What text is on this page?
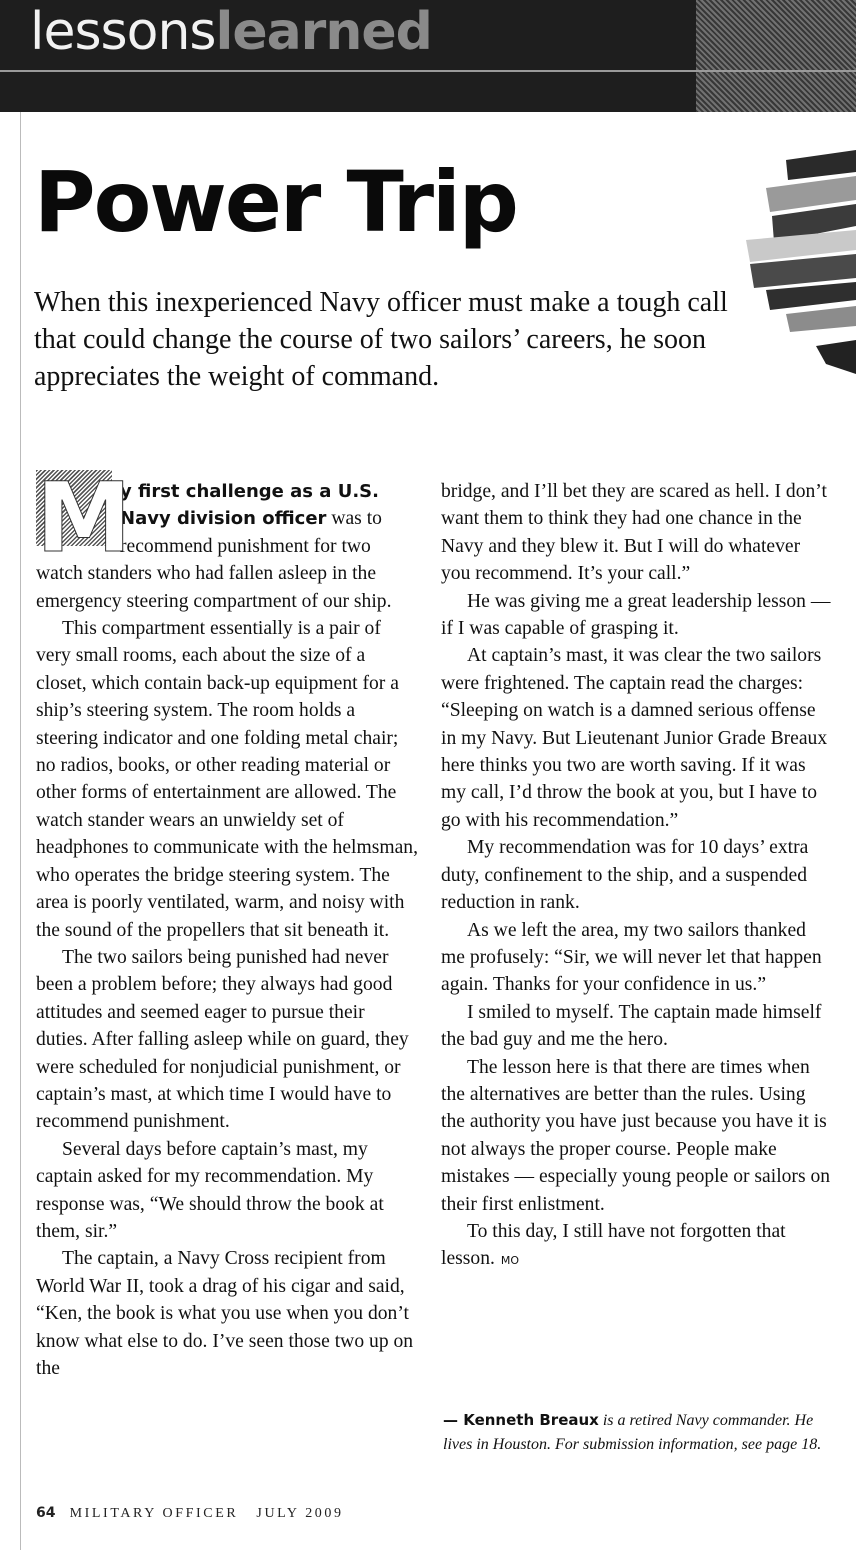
lessonslearned
Power Trip

When this inexperienced Navy officer must make a tough call that could change the course of two sailors’ careers, he soon appreciates the weight of command.

M
y first challenge as a U.S. Navy division officer was to recommend punishment for two watch standers who had fallen asleep in the emergency steering compartment of our ship.

This compartment essentially is a pair of very small rooms, each about the size of a closet, which contain back-up equipment for a ship’s steering system. The room holds a steering indicator and one folding metal chair; no radios, books, or other reading material or other forms of entertainment are allowed. The watch stander wears an unwieldy set of headphones to communicate with the helmsman, who operates the bridge steering system. The area is poorly ventilated, warm, and noisy with the sound of the propellers that sit beneath it.

The two sailors being punished had never been a problem before; they always had good attitudes and seemed eager to pursue their duties. After falling asleep while on guard, they were scheduled for nonjudicial punishment, or captain’s mast, at which time I would have to recommend punishment.

Several days before captain’s mast, my captain asked for my recommendation. My response was, “We should throw the book at them, sir.”

The captain, a Navy Cross recipient from World War II, took a drag of his cigar and said, “Ken, the book is what you use when you don’t know what else to do. I’ve seen those two up on the

bridge, and I’ll bet they are scared as hell. I don’t want them to think they had one chance in the Navy and they blew it. But I will do whatever you recommend. It’s your call.”

He was giving me a great leadership lesson — if I was capable of grasping it.

At captain’s mast, it was clear the two sailors were frightened. The captain read the charges: “Sleeping on watch is a damned serious offense in my Navy. But Lieutenant Junior Grade Breaux here thinks you two are worth saving. If it was my call, I’d throw the book at you, but I have to go with his recommendation.”

My recommendation was for 10 days’ extra duty, confinement to the ship, and a suspended reduction in rank.

As we left the area, my two sailors thanked me profusely: “Sir, we will never let that happen again. Thanks for your confidence in us.”

I smiled to myself. The captain made himself the bad guy and me the hero.

The lesson here is that there are times when the alternatives are better than the rules. Using the authority you have just because you have it is not always the proper course. People make mistakes — especially young people or sailors on their first enlistment.

To this day, I still have not forgotten that lesson. MO

— Kenneth Breaux is a retired Navy commander. He lives in Houston. For submission information, see page 18.

64 MILITARY OFFICER JULY 2009
